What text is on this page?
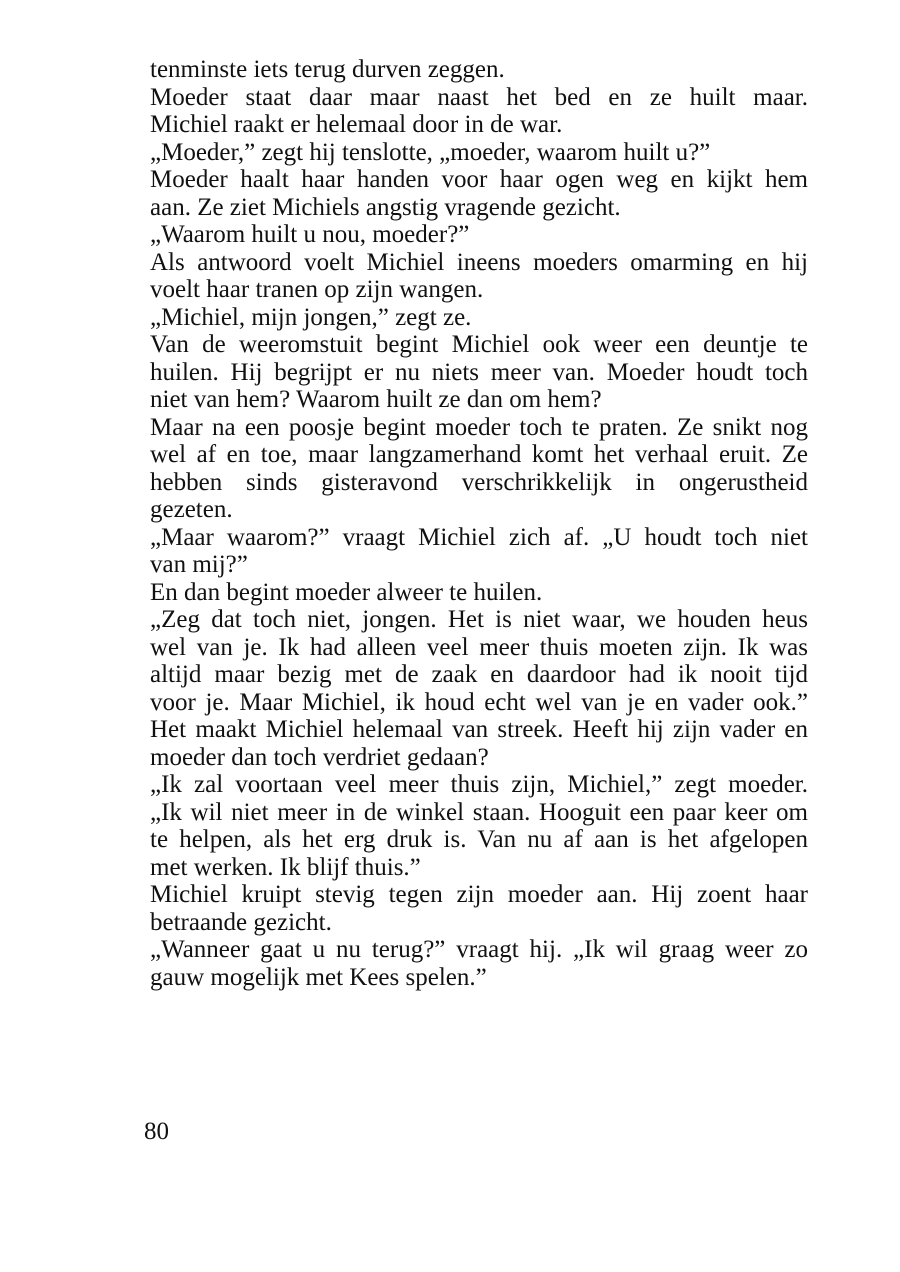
tenminste iets terug durven zeggen.
Moeder staat daar maar naast het bed en ze huilt maar.
Michiel raakt er helemaal door in de war.
„Moeder,” zegt hij tenslotte, „moeder, waarom huilt u?”
Moeder haalt haar handen voor haar ogen weg en kijkt hem
aan. Ze ziet Michiels angstig vragende gezicht.
„Waarom huilt u nou, moeder?”
Als antwoord voelt Michiel ineens moeders omarming en hij
voelt haar tranen op zijn wangen.
„Michiel, mijn jongen,” zegt ze.
Van de weeromstuit begint Michiel ook weer een deuntje te
huilen. Hij begrijpt er nu niets meer van. Moeder houdt toch
niet van hem? Waarom huilt ze dan om hem?
Maar na een poosje begint moeder toch te praten. Ze snikt nog
wel af en toe, maar langzamerhand komt het verhaal eruit. Ze
hebben sinds gisteravond verschrikkelijk in ongerustheid
gezeten.
„Maar waarom?” vraagt Michiel zich af. „U houdt toch niet
van mij?”
En dan begint moeder alweer te huilen.
„Zeg dat toch niet, jongen. Het is niet waar, we houden heus
wel van je. Ik had alleen veel meer thuis moeten zijn. Ik was
altijd maar bezig met de zaak en daardoor had ik nooit tijd
voor je. Maar Michiel, ik houd echt wel van je en vader ook.”
Het maakt Michiel helemaal van streek. Heeft hij zijn vader en
moeder dan toch verdriet gedaan?
„Ik zal voortaan veel meer thuis zijn, Michiel,” zegt moeder.
„Ik wil niet meer in de winkel staan. Hooguit een paar keer om
te helpen, als het erg druk is. Van nu af aan is het afgelopen
met werken. Ik blijf thuis.”
Michiel kruipt stevig tegen zijn moeder aan. Hij zoent haar
betraande gezicht.
„Wanneer gaat u nu terug?” vraagt hij. „Ik wil graag weer zo
gauw mogelijk met Kees spelen.”
80
